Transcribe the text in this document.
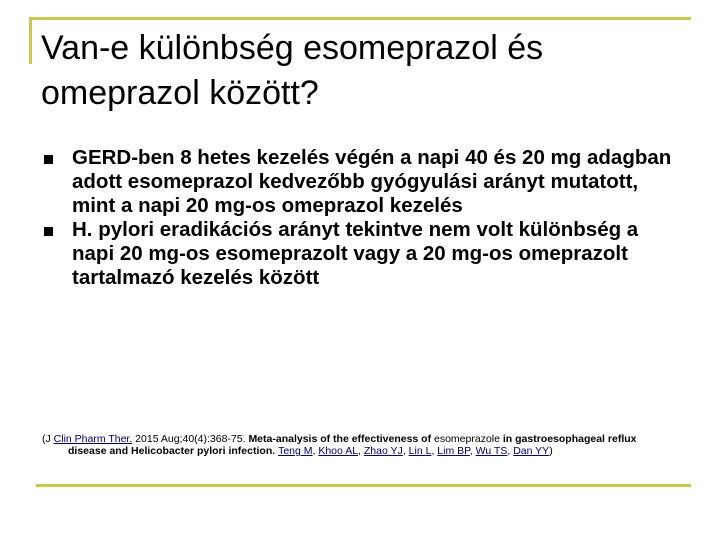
Van-e különbség esomeprazol és omeprazol között?
GERD-ben 8 hetes kezelés végén a napi 40 és 20 mg adagban adott esomeprazol kedvezőbb gyógyulási arányt mutatott, mint a napi 20 mg-os omeprazol kezelés
H. pylori eradikációs arányt tekintve nem volt különbség a napi 20 mg-os esomeprazolt vagy a 20 mg-os omeprazolt tartalmazó kezelés között
(J Clin Pharm Ther. 2015 Aug;40(4):368-75. Meta-analysis of the effectiveness of esomeprazole in gastroesophageal reflux
disease and Helicobacter pylori infection. Teng M, Khoo AL, Zhao YJ, Lin L, Lim BP, Wu TS, Dan YY)
